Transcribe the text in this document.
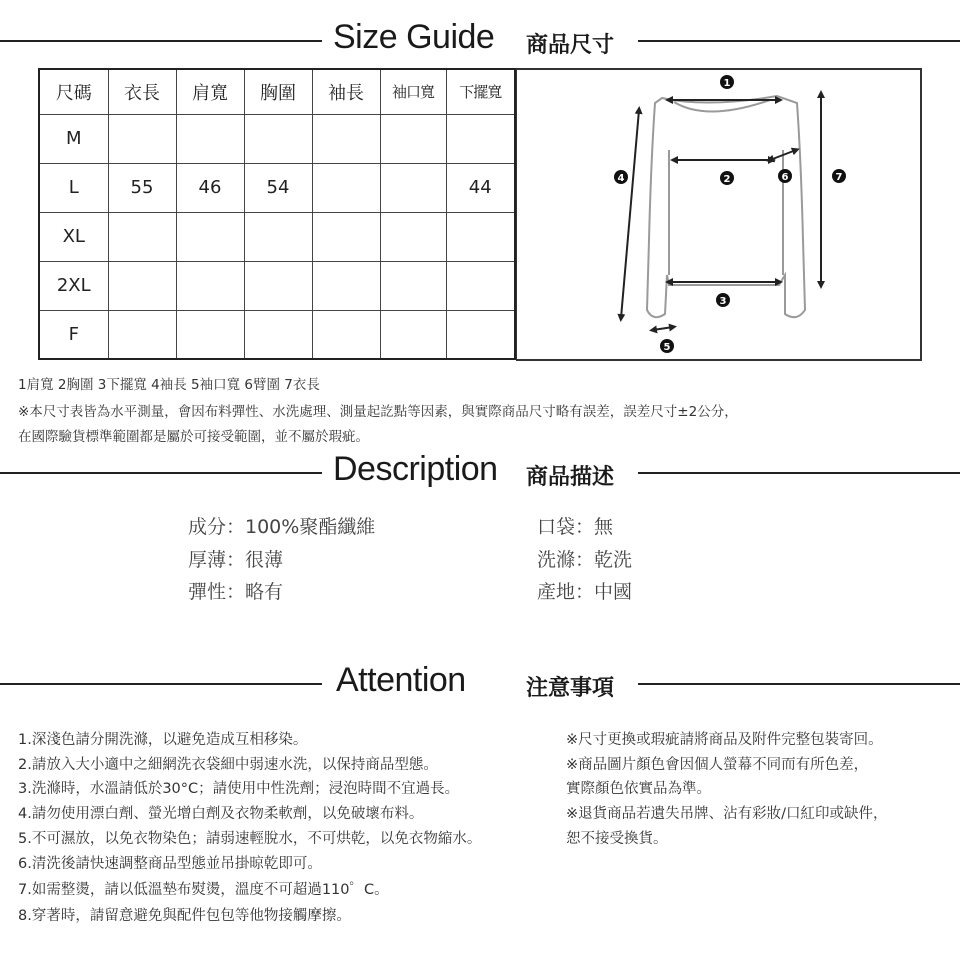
Size Guide 商品尺寸
尺碼	衣長	肩寬	胸圍	袖長	袖口寬	下擺寬
M						
L	55	46	54			44
XL						
2XL						
F						
1
2
3
4
5
6	7
1肩寬 2胸圍 3下擺寬 4袖長 5袖口寬 6臂圍 7衣長
※本尺寸表皆為水平測量，會因布料彈性、水洗處理、測量起訖點等因素，與實際商品尺寸略有誤差，誤差尺寸±2公分，
在國際驗貨標準範圍都是屬於可接受範圍，並不屬於瑕疵。
Description 商品描述
成分：100%聚酯纖維
厚薄：很薄
彈性：略有
口袋：無
洗滌：乾洗
產地：中國
Attention	注意事項
1.深淺色請分開洗滌，以避免造成互相移染。
2.請放入大小適中之細網洗衣袋細中弱速水洗，以保持商品型態。
3.洗滌時，水溫請低於30°C；請使用中性洗劑；浸泡時間不宜過長。
4.請勿使用漂白劑、螢光增白劑及衣物柔軟劑，以免破壞布料。
5.不可濕放，以免衣物染色；請弱速輕脫水，不可烘乾，以免衣物縮水。
6.清洗後請快速調整商品型態並吊掛晾乾即可。
7.如需整燙，請以低溫墊布熨燙，溫度不可超過110゜C。
8.穿著時，請留意避免與配件包包等他物接觸摩擦。
※尺寸更換或瑕疵請將商品及附件完整包裝寄回。
※商品圖片顏色會因個人螢幕不同而有所色差，
實際顏色依實品為準。
※退貨商品若遺失吊牌、沾有彩妝/口紅印或缺件，
恕不接受換貨。
